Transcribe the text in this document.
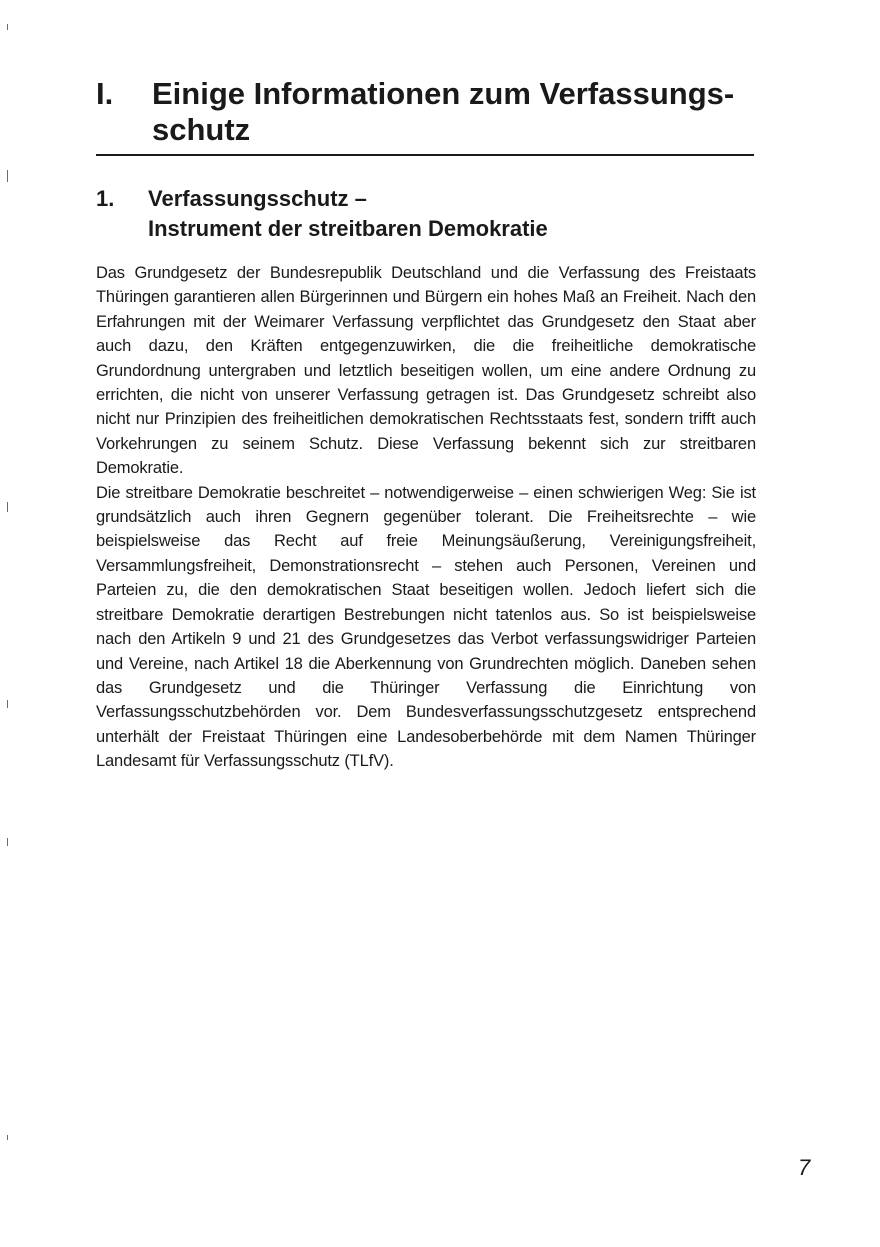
I.	Einige Informationen zum Verfassungsschutz
1.	Verfassungsschutz –
Instrument der streitbaren Demokratie

Das Grundgesetz der Bundesrepublik Deutschland und die Verfassung des Freistaats Thüringen garantieren allen Bürgerinnen und Bürgern ein hohes Maß an Freiheit. Nach den Erfahrungen mit der Weimarer Verfassung verpflichtet das Grundgesetz den Staat aber auch dazu, den Kräften entgegenzuwirken, die die freiheitliche demokratische Grundordnung untergraben und letztlich beseitigen wollen, um eine andere Ordnung zu errichten, die nicht von unserer Verfassung getragen ist. Das Grundgesetz schreibt also nicht nur Prinzipien des freiheitlichen demokratischen Rechtsstaats fest, sondern trifft auch Vorkehrungen zu seinem Schutz. Diese Verfassung bekennt sich zur streitbaren Demokratie.

Die streitbare Demokratie beschreitet – notwendigerweise – einen schwierigen Weg: Sie ist grundsätzlich auch ihren Gegnern gegenüber tolerant. Die Freiheitsrechte – wie beispielsweise das Recht auf freie Meinungsäußerung, Vereinigungsfreiheit, Versammlungsfreiheit, Demonstrationsrecht – stehen auch Personen, Vereinen und Parteien zu, die den demokratischen Staat beseitigen wollen. Jedoch liefert sich die streitbare Demokratie derartigen Bestrebungen nicht tatenlos aus. So ist beispielsweise nach den Artikeln 9 und 21 des Grundgesetzes das Verbot verfassungswidriger Parteien und Vereine, nach Artikel 18 die Aberkennung von Grundrechten möglich. Daneben sehen das Grundgesetz und die Thüringer Verfassung die Einrichtung von Verfassungsschutzbehörden vor. Dem Bundesverfassungsschutzgesetz entsprechend unterhält der Freistaat Thüringen eine Landesoberbehörde mit dem Namen Thüringer Landesamt für Verfassungsschutz (TLfV).

7
